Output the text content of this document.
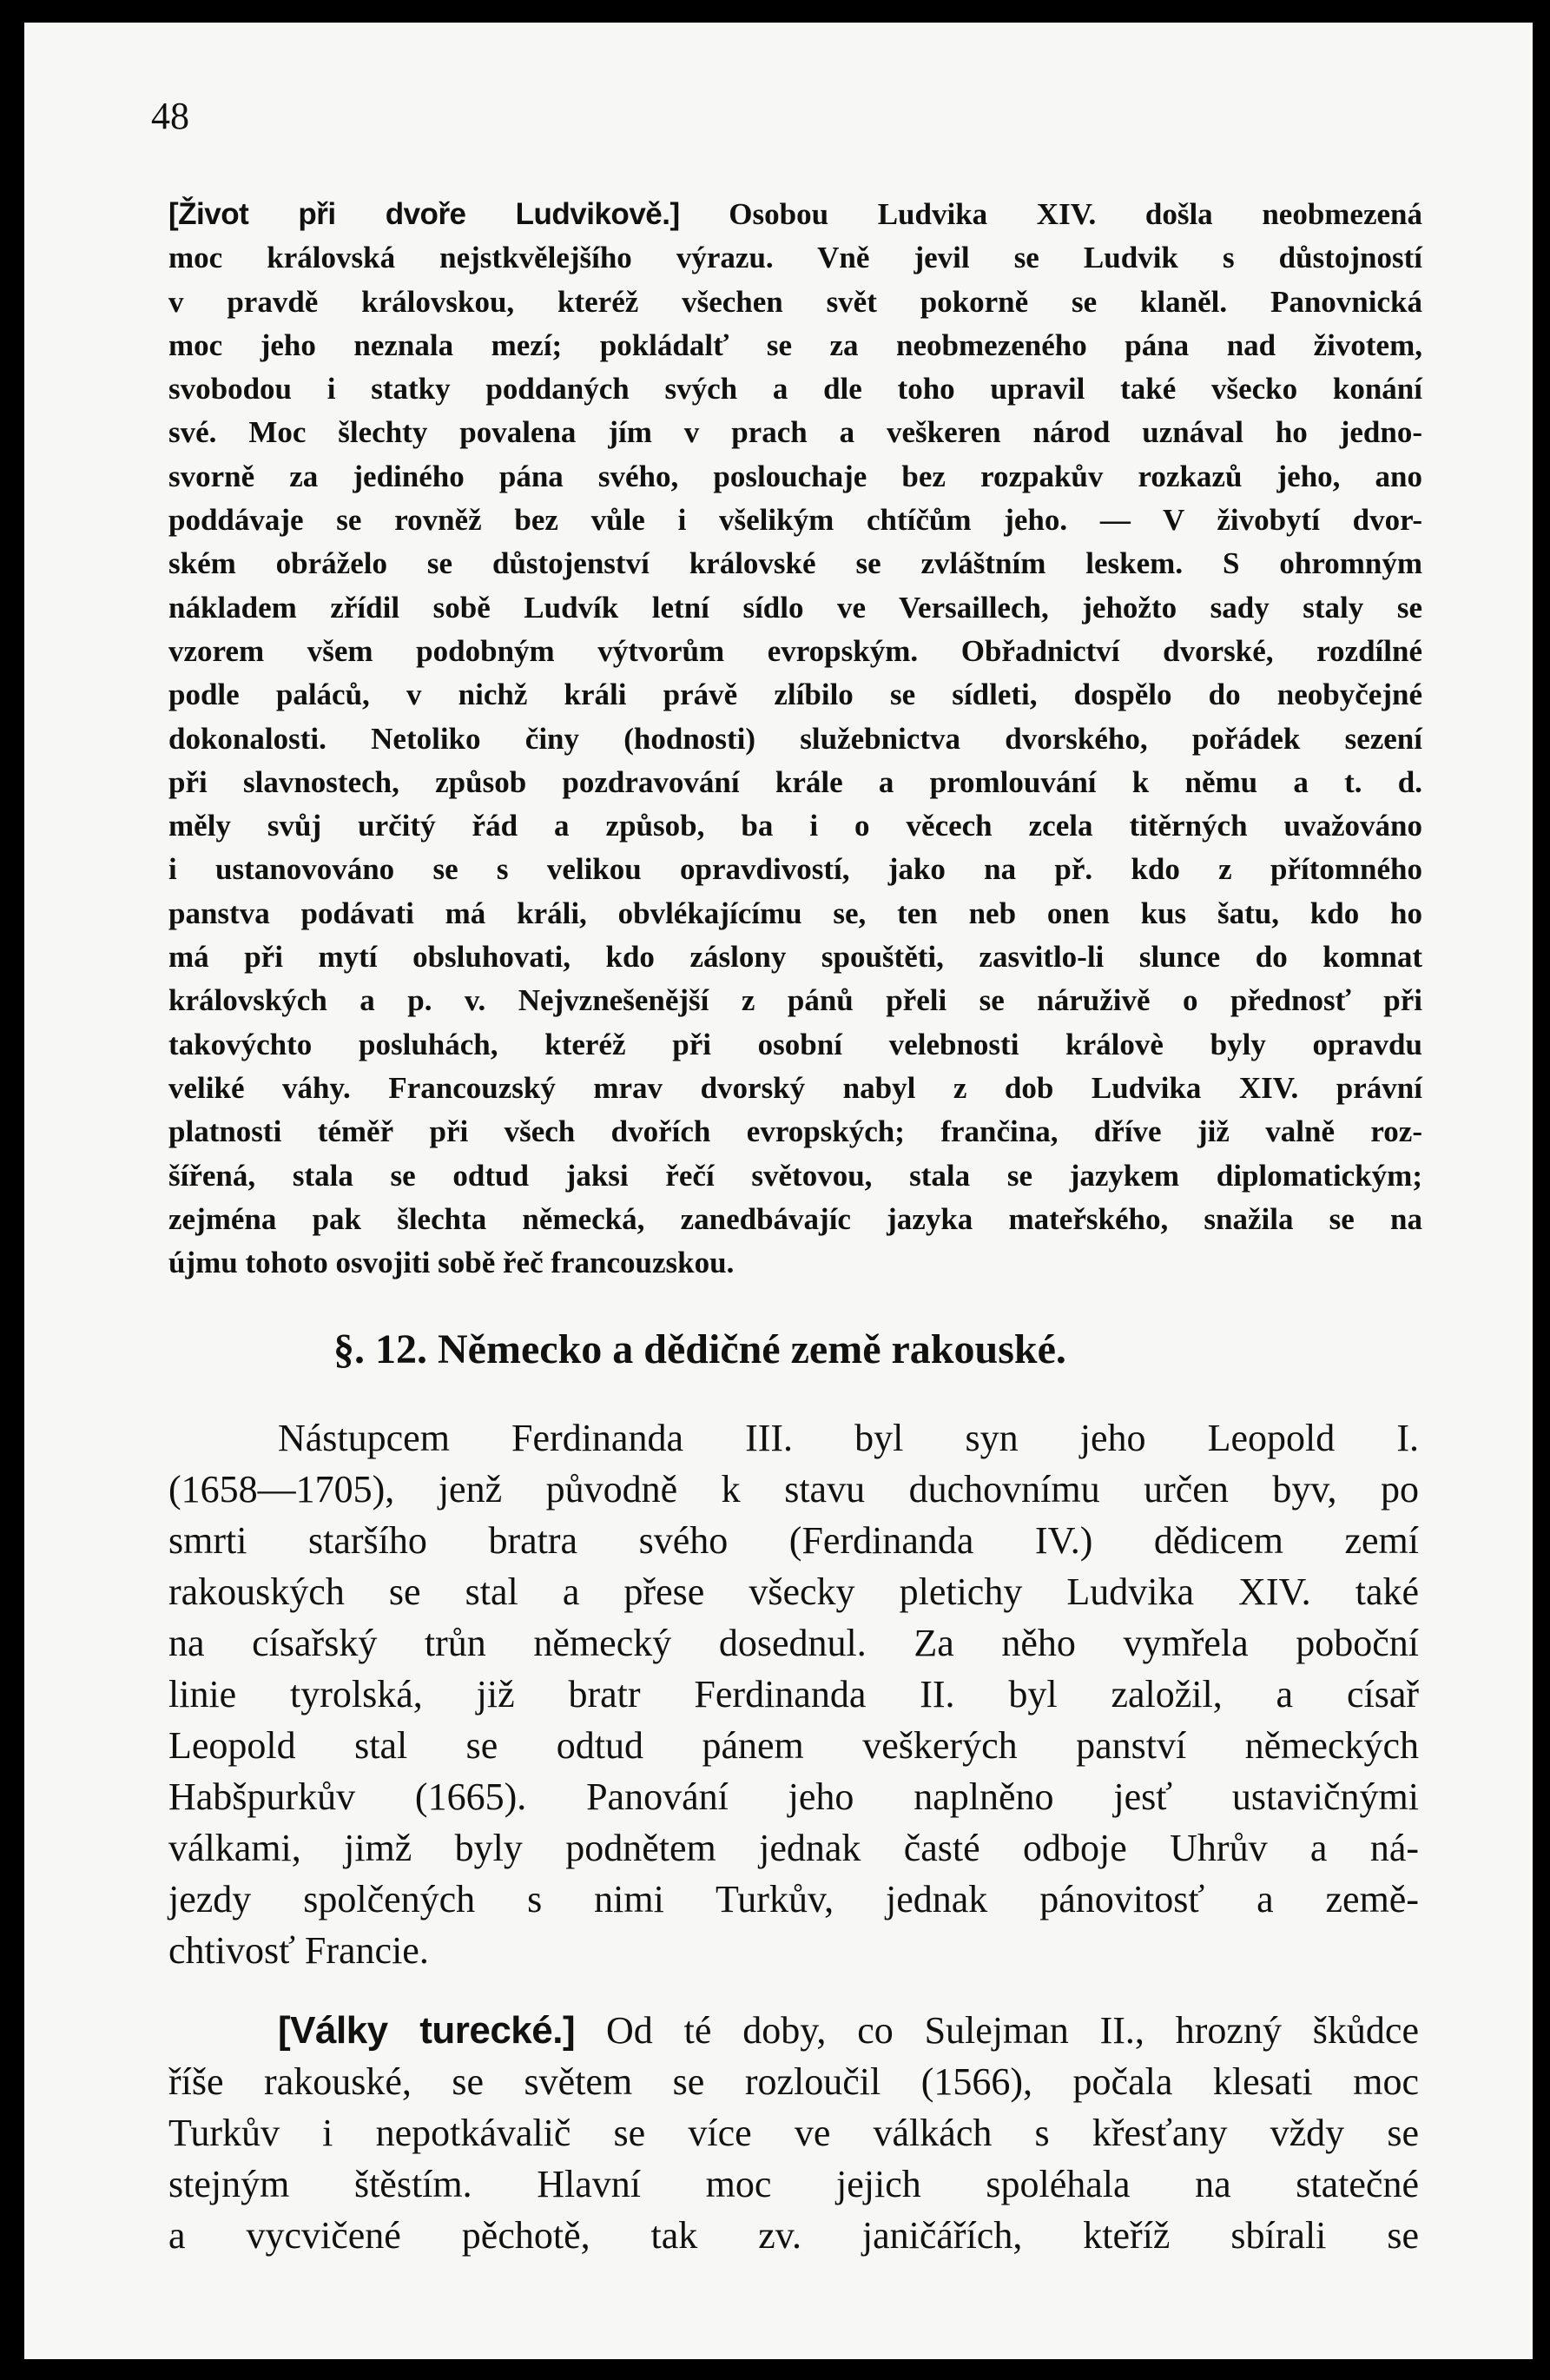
48
[Život při dvoře Ludvikově.] Osobou Ludvika XIV. došla neobmezená
moc královská nejstkvělejšího výrazu. Vně jevil se Ludvik s důstojností
v pravdě královskou, kteréž všechen svět pokorně se klaněl. Panovnická
moc jeho neznala mezí; pokládalť se za neobmezeného pána nad životem,
svobodou i statky poddaných svých a dle toho upravil také všecko konání
své. Moc šlechty povalena jím v prach a veškeren národ uznával ho jedno-
svorně za jediného pána svého, poslouchaje bez rozpakův rozkazů jeho, ano
poddávaje se rovněž bez vůle i všelikým chtíčům jeho. — V živobytí dvor-
ském obráželo se důstojenství královské se zvláštním leskem. S ohromným
nákladem zřídil sobě Ludvík letní sídlo ve Versaillech, jehožto sady staly se
vzorem všem podobným výtvorům evropským. Obřadnictví dvorské, rozdílné
podle paláců, v nichž králi právě zlíbilo se sídleti, dospělo do neobyčejné
dokonalosti. Netoliko činy (hodnosti) služebnictva dvorského, pořádek sezení
při slavnostech, způsob pozdravování krále a promlouvání k němu a t. d.
měly svůj určitý řád a způsob, ba i o věcech zcela titěrných uvažováno
i ustanovováno se s velikou opravdivostí, jako na př. kdo z přítomného
panstva podávati má králi, obvlékajícímu se, ten neb onen kus šatu, kdo ho
má při mytí obsluhovati, kdo záslony spouštěti, zasvitlo-li slunce do komnat
královských a p. v. Nejvznešenější z pánů přeli se náruživě o přednosť při
takovýchto posluhách, kteréž při osobní velebnosti královè byly opravdu
veliké váhy. Francouzský mrav dvorský nabyl z dob Ludvika XIV. právní
platnosti téměř při všech dvořích evropských; frančina, dříve již valně roz-
šířená, stala se odtud jaksi řečí světovou, stala se jazykem diplomatickým;
zejména pak šlechta německá, zanedbávajíc jazyka mateřského, snažila se na
újmu tohoto osvojiti sobě řeč francouzskou.
§. 12. Německo a dědičné země rakouské.
Nástupcem Ferdinanda III. byl syn jeho Leopold I.
(1658—1705), jenž původně k stavu duchovnímu určen byv, po
smrti staršího bratra svého (Ferdinanda IV.) dědicem zemí
rakouských se stal a přese všecky pletichy Ludvika XIV. také
na císařský trůn německý dosednul. Za něho vymřela poboční
linie tyrolská, již bratr Ferdinanda II. byl založil, a císař
Leopold stal se odtud pánem veškerých panství německých
Habšpurkův (1665). Panování jeho naplněno jesť ustavičnými
válkami, jimž byly podnětem jednak časté odboje Uhrův a ná-
jezdy spolčených s nimi Turkův, jednak pánovitosť a země-
chtivosť Francie.
[Války turecké.] Od té doby, co Sulejman II., hrozný škůdce
říše rakouské, se světem se rozloučil (1566), počala klesati moc
Turkův i nepotkávalič se více ve válkách s křesťany vždy se
stejným štěstím. Hlavní moc jejich spoléhala na statečné
a vycvičené pěchotě, tak zv. janičářích, kteříž sbírali se
